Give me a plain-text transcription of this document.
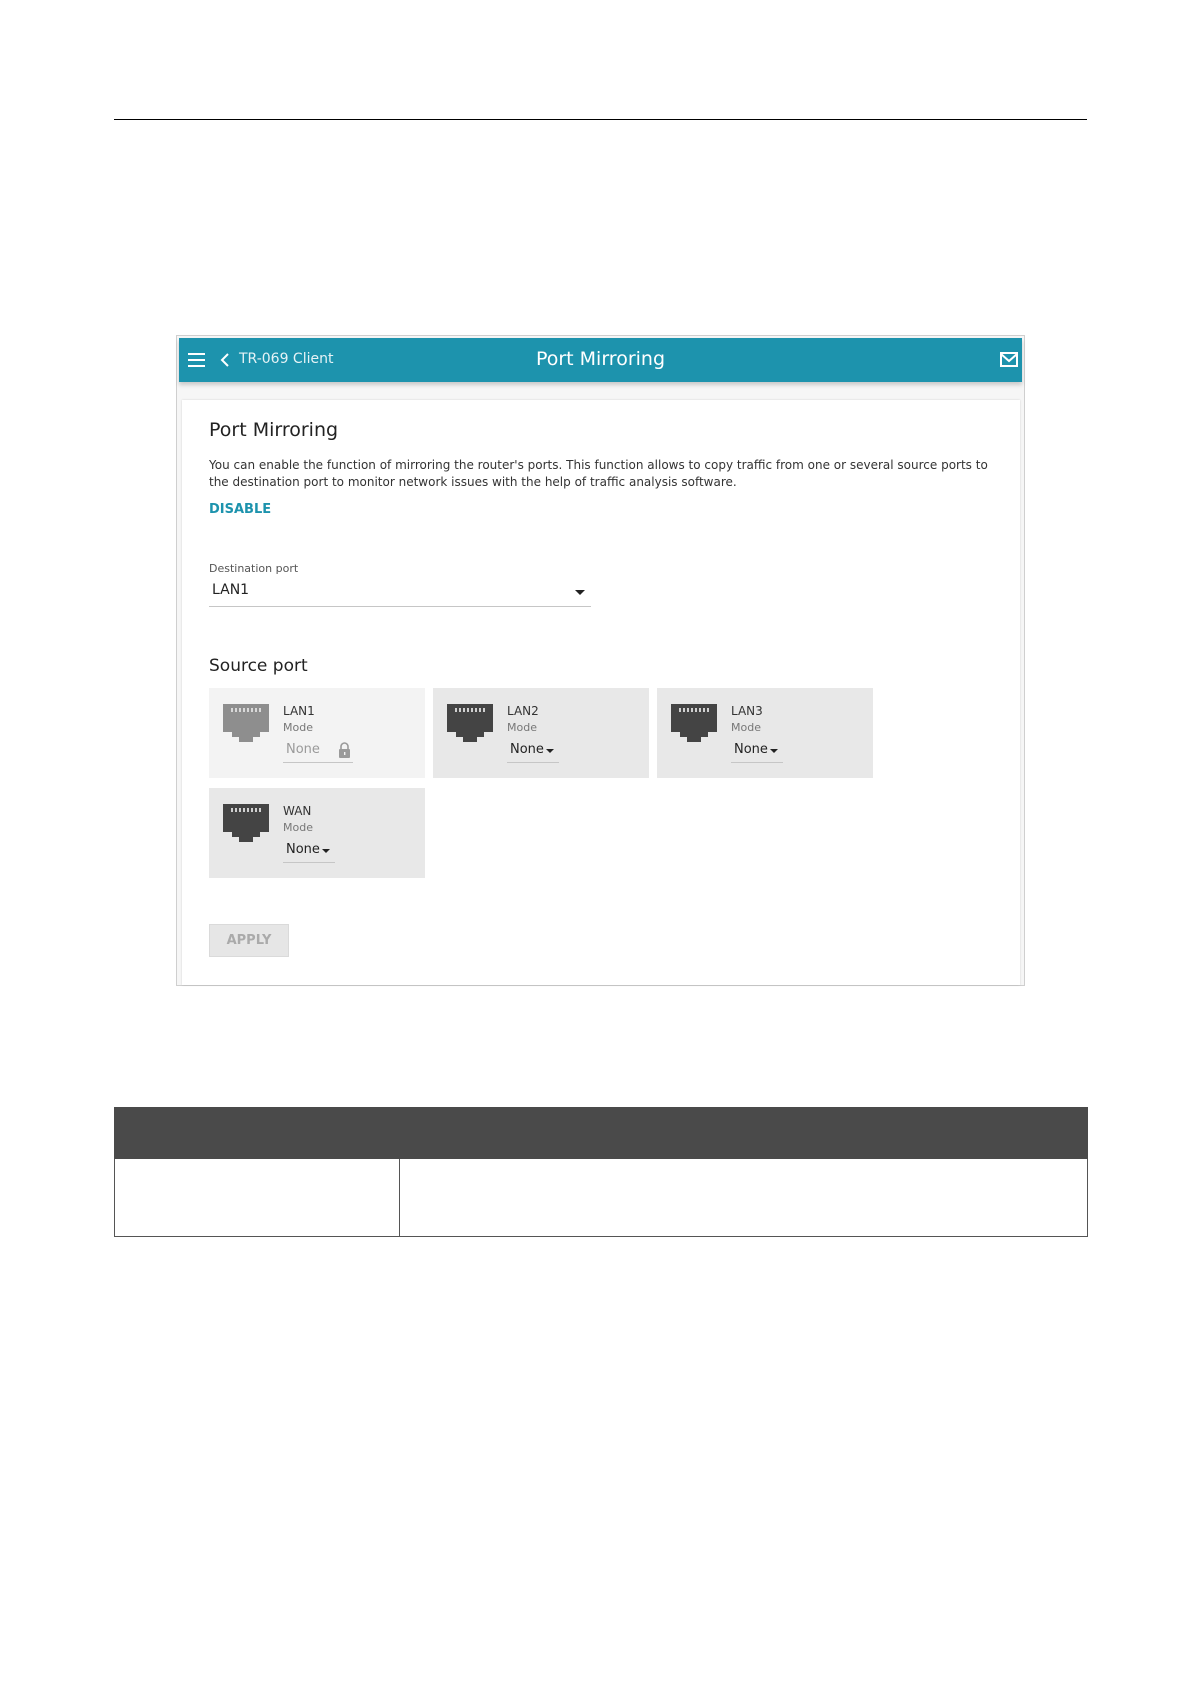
TR-069 Client	Port Mirroring
Port Mirroring
You can enable the function of mirroring the router's ports. This function allows to copy traffic from one or several source ports to the destination port to monitor network issues with the help of traffic analysis software.
DISABLE
Destination port
LAN1
Source port
LAN1
Mode
None
LAN2
Mode
None
LAN3
Mode
None
WAN
Mode
None
APPLY
